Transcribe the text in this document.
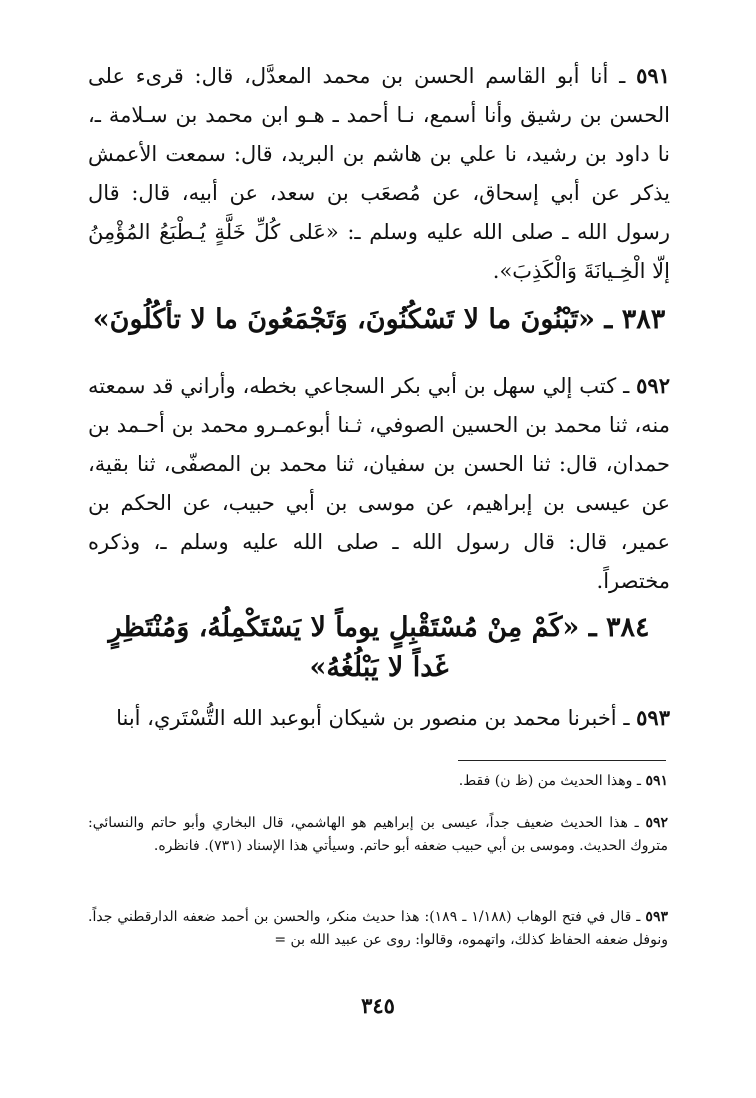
٥٩١ ـ أنا أبو القاسم الحسن بن محمد المعدَّل، قال: قرىء على الحسن بن رشيق وأنا أسمع، نـا أحمد ـ هـو ابن محمد بن سـلامة ـ، نا داود بن رشيد، نا علي بن هاشم بن البريد، قال: سمعت الأعمش يذكر عن أبي إسحاق، عن مُصعَب بن سعد، عن أبيه، قال: قال رسول الله ـ صلى الله عليه وسلم ـ: «عَلى كُلِّ خَلَّةٍ يُـطْبَعُ المُؤْمِنُ إلّا الْخِـيانَةَ وَالْكَذِبَ».

٣٨٣ ـ «تَبْنُونَ ما لا تَسْكُنُونَ، وَتَجْمَعُونَ ما لا تأكُلُونَ»

٥٩٢ ـ كتب إلي سهل بن أبي بكر السجاعي بخطه، وأراني قد سمعته منه، ثنا محمد بن الحسين الصوفي، ثـنا أبوعمـرو محمد بن أحـمد بن حمدان، قال: ثنا الحسن بن سفيان، ثنا محمد بن المصفّى، ثنا بقية، عن عيسى بن إبراهيم، عن موسى بن أبي حبيب، عن الحكم بن عمير، قال: قال رسول الله ـ صلى الله عليه وسلم ـ، وذكره مختصراً.

٣٨٤ ـ «كَمْ مِنْ مُسْتَقْبِلٍ يوماً لا يَسْتَكْمِلُهُ، وَمُنْتَظِرٍ غَداً لا يَبْلُغُهُ»

٥٩٣ ـ أخبرنا محمد بن منصور بن شيكان أبوعبد الله التُّسْتَري، أبنا

٥٩١ ـ وهذا الحديث من (ظ ن) فقط.

٥٩٢ ـ هذا الحديث ضعيف جداً، عيسى بن إبراهيم هو الهاشمي، قال البخاري وأبو حاتم والنسائي: متروك الحديث. وموسى بن أبي حبيب ضعفه أبو حاتم. وسيأتي هذا الإسناد (٧٣١). فانظره.

٥٩٣ ـ قال في فتح الوهاب (١/١٨٨ ـ ١٨٩): هذا حديث منكر، والحسن بن أحمد ضعفه الدارقطني جداً. ونوفل ضعفه الحفاظ كذلك، واتهموه، وقالوا: روى عن عبيد الله بن =

٣٤٥
